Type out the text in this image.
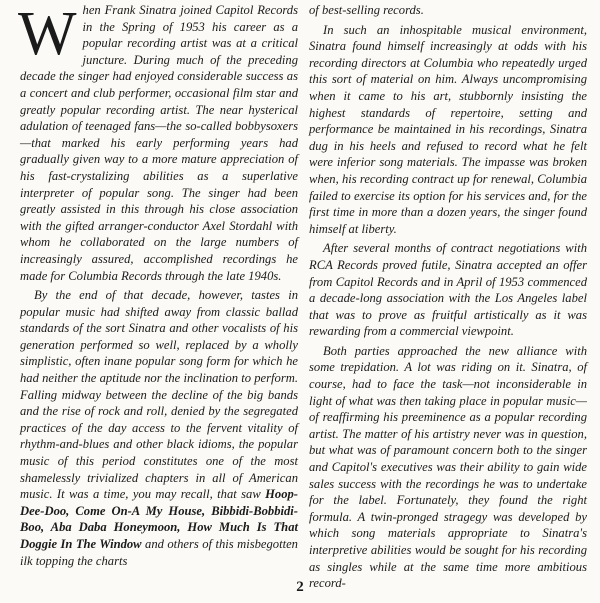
When Frank Sinatra joined Capitol Records in the Spring of 1953 his career as a popular recording artist was at a critical juncture. During much of the preceding decade the singer had enjoyed considerable success as a concert and club performer, occasional film star and greatly popular recording artist. The near hysterical adulation of teenaged fans—the so-called bobbysoxers—that marked his early performing years had gradually given way to a more mature appreciation of his fast-crystalizing abilities as a superlative interpreter of popular song. The singer had been greatly assisted in this through his close association with the gifted arranger-conductor Axel Stordahl with whom he collaborated on the large numbers of increasingly assured, accomplished recordings he made for Columbia Records through the late 1940s.

By the end of that decade, however, tastes in popular music had shifted away from classic ballad standards of the sort Sinatra and other vocalists of his generation performed so well, replaced by a wholly simplistic, often inane popular song form for which he had neither the aptitude nor the inclination to perform. Falling midway between the decline of the big bands and the rise of rock and roll, denied by the segregated practices of the day access to the fervent vitality of rhythm-and-blues and other black idioms, the popular music of this period constitutes one of the most shamelessly trivialized chapters in all of American music. It was a time, you may recall, that saw Hoop-Dee-Doo, Come On-A My House, Bibbidi-Bobbidi-Boo, Aba Daba Honeymoon, How Much Is That Doggie In The Window and others of this misbegotten ilk topping the charts

of best-selling records.

In such an inhospitable musical environment, Sinatra found himself increasingly at odds with his recording directors at Columbia who repeatedly urged this sort of material on him. Always uncompromising when it came to his art, stubbornly insisting the highest standards of repertoire, setting and performance be maintained in his recordings, Sinatra dug in his heels and refused to record what he felt were inferior song materials. The impasse was broken when, his recording contract up for renewal, Columbia failed to exercise its option for his services and, for the first time in more than a dozen years, the singer found himself at liberty.

After several months of contract negotiations with RCA Records proved futile, Sinatra accepted an offer from Capitol Records and in April of 1953 commenced a decade-long association with the Los Angeles label that was to prove as fruitful artistically as it was rewarding from a commercial viewpoint.

Both parties approached the new alliance with some trepidation. A lot was riding on it. Sinatra, of course, had to face the task—not inconsiderable in light of what was then taking place in popular music—of reaffirming his preeminence as a popular recording artist. The matter of his artistry never was in question, but what was of paramount concern both to the singer and Capitol's executives was their ability to gain wide sales success with the recordings he was to undertake for the label. Fortunately, they found the right formula. A twin-pronged stragegy was developed by which song materials appropriate to Sinatra's interpretive abilities would be sought for his recording as singles while at the same time more ambitious record-

2
